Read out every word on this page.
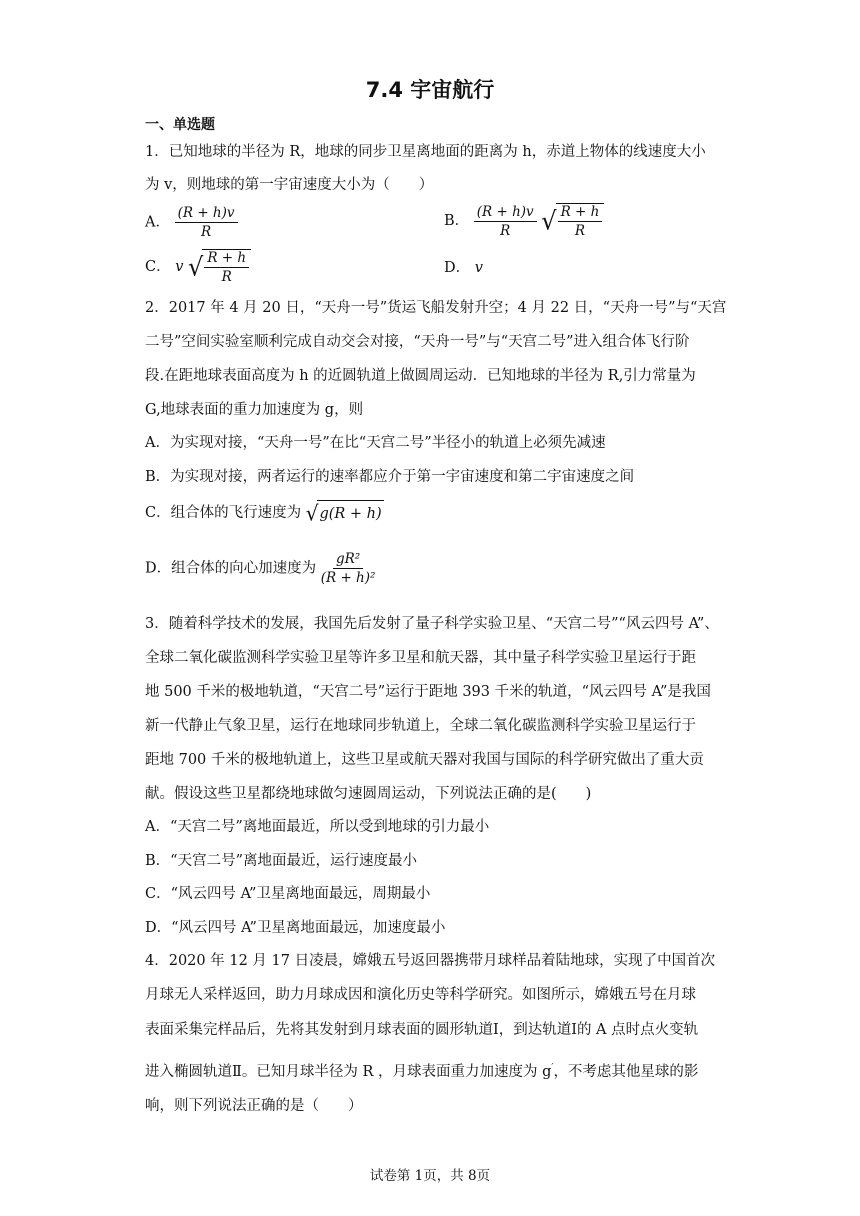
7.4 宇宙航行
一、单选题
1．已知地球的半径为 R，地球的同步卫星离地面的距离为 h，赤道上物体的线速度大小
为 v，则地球的第一宇宙速度大小为（　　）
A． $\frac{(R + h)v}{R}$	B． $\frac{(R + h)v}{R}$
√ $\frac{R + h}{R}$
C． v √ $\frac{R + h}{R}$	D． v
2．2017 年 4 月 20 日，“天舟一号”货运飞船发射升空；4 月 22 日，“天舟一号”与“天宫
二号”空间实验室顺利完成自动交会对接，“天舟一号”与“天宫二号”进入组合体飞行阶
段.在距地球表面高度为 h 的近圆轨道上做圆周运动．已知地球的半径为 R,引力常量为
G,地球表面的重力加速度为 g，则
A．为实现对接，“天舟一号”在比“天宫二号”半径小的轨道上必须先减速
B．为实现对接，两者运行的速率都应介于第一宇宙速度和第二宇宙速度之间
C．组合体的飞行速度为 √ g(R + h)
D．组合体的向心加速度为 $\frac{\text{gR²}}{\text{(R + h)²}}$
3．随着科学技术的发展，我国先后发射了量子科学实验卫星、“天宫二号”“风云四号 A”、
全球二氧化碳监测科学实验卫星等许多卫星和航天器，其中量子科学实验卫星运行于距
地 500 千米的极地轨道，“天宫二号”运行于距地 393 千米的轨道，“风云四号 A”是我国
新一代静止气象卫星，运行在地球同步轨道上，全球二氧化碳监测科学实验卫星运行于
距地 700 千米的极地轨道上，这些卫星或航天器对我国与国际的科学研究做出了重大贡
献。假设这些卫星都绕地球做匀速圆周运动，下列说法正确的是(　　)
A．“天宫二号”离地面最近，所以受到地球的引力最小
B．“天宫二号”离地面最近，运行速度最小
C．“风云四号 A”卫星离地面最远，周期最小
D．“风云四号 A”卫星离地面最远，加速度最小
4．2020 年 12 月 17 日凌晨，嫦娥五号返回器携带月球样品着陆地球，实现了中国首次
月球无人采样返回，助力月球成因和演化历史等科学研究。如图所示，嫦娥五号在月球
表面采集完样品后，先将其发射到月球表面的圆形轨道Ⅰ，到达轨道Ⅰ的 A 点时点火变轨
进入椭圆轨道Ⅱ。已知月球半径为 R ，月球表面重力加速度为 g′，不考虑其他星球的影
响，则下列说法正确的是（　　）
试卷第 1页，共 8页
